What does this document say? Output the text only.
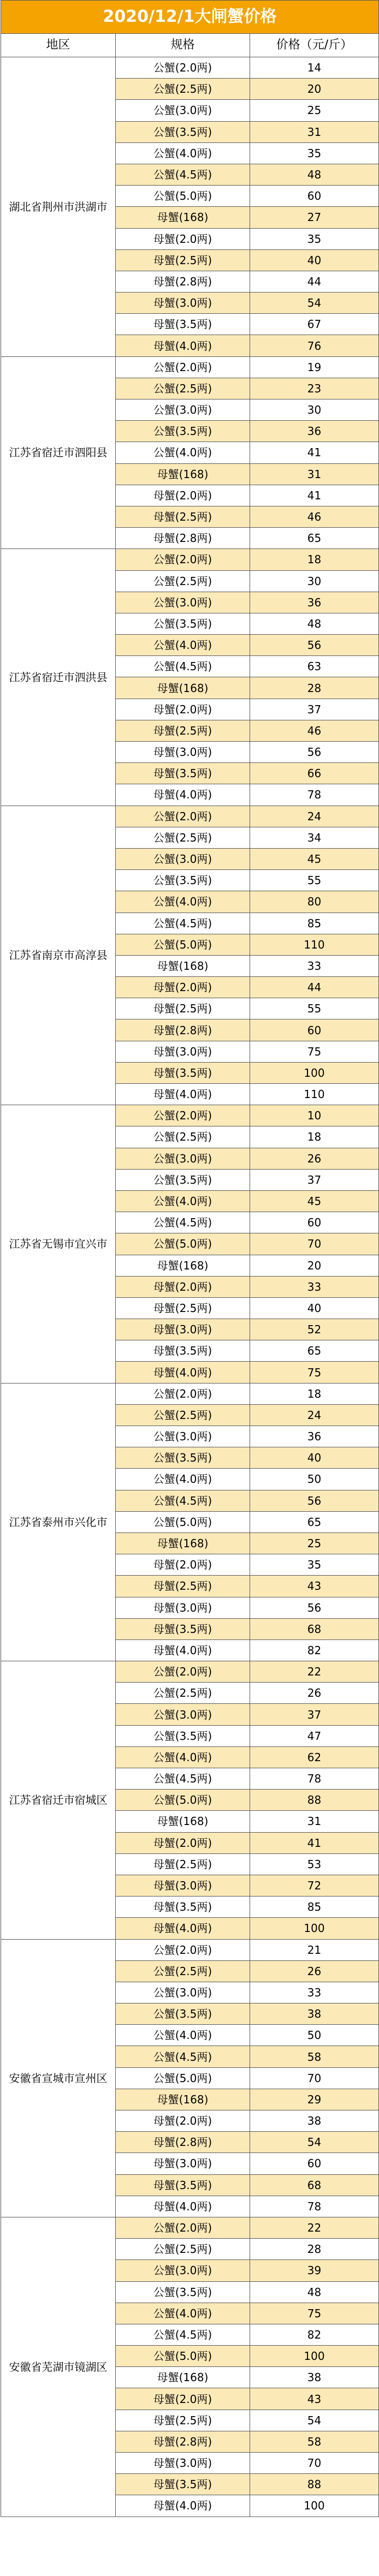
2020/12/1大闸蟹价格		
地区	规格	价格（元/斤）
湖北省荆州市洪湖市	公蟹(2.0两)	14
	公蟹(2.5两)	20
	公蟹(3.0两)	25
	公蟹(3.5两)	31
	公蟹(4.0两)	35
	公蟹(4.5两)	48
	公蟹(5.0两)	60
	母蟹(168)	27
	母蟹(2.0两)	35
	母蟹(2.5两)	40
	母蟹(2.8两)	44
	母蟹(3.0两)	54
	母蟹(3.5两)	67
	母蟹(4.0两)	76
江苏省宿迁市泗阳县	公蟹(2.0两)	19
	公蟹(2.5两)	23
	公蟹(3.0两)	30
	公蟹(3.5两)	36
	公蟹(4.0两)	41
	母蟹(168)	31
	母蟹(2.0两)	41
	母蟹(2.5两)	46
	母蟹(2.8两)	65
江苏省宿迁市泗洪县	公蟹(2.0两)	18
	公蟹(2.5两)	30
	公蟹(3.0两)	36
	公蟹(3.5两)	48
	公蟹(4.0两)	56
	公蟹(4.5两)	63
	母蟹(168)	28
	母蟹(2.0两)	37
	母蟹(2.5两)	46
	母蟹(3.0两)	56
	母蟹(3.5两)	66
	母蟹(4.0两)	78
江苏省南京市高淳县	公蟹(2.0两)	24
	公蟹(2.5两)	34
	公蟹(3.0两)	45
	公蟹(3.5两)	55
	公蟹(4.0两)	80
	公蟹(4.5两)	85
	公蟹(5.0两)	110
	母蟹(168)	33
	母蟹(2.0两)	44
	母蟹(2.5两)	55
	母蟹(2.8两)	60
	母蟹(3.0两)	75
	母蟹(3.5两)	100
	母蟹(4.0两)	110
江苏省无锡市宜兴市	公蟹(2.0两)	10
	公蟹(2.5两)	18
	公蟹(3.0两)	26
	公蟹(3.5两)	37
	公蟹(4.0两)	45
	公蟹(4.5两)	60
	公蟹(5.0两)	70
	母蟹(168)	20
	母蟹(2.0两)	33
	母蟹(2.5两)	40
	母蟹(3.0两)	52
	母蟹(3.5两)	65
	母蟹(4.0两)	75
江苏省泰州市兴化市	公蟹(2.0两)	18
	公蟹(2.5两)	24
	公蟹(3.0两)	36
	公蟹(3.5两)	40
	公蟹(4.0两)	50
	公蟹(4.5两)	56
	公蟹(5.0两)	65
	母蟹(168)	25
	母蟹(2.0两)	35
	母蟹(2.5两)	43
	母蟹(3.0两)	56
	母蟹(3.5两)	68
	母蟹(4.0两)	82
江苏省宿迁市宿城区	公蟹(2.0两)	22
	公蟹(2.5两)	26
	公蟹(3.0两)	37
	公蟹(3.5两)	47
	公蟹(4.0两)	62
	公蟹(4.5两)	78
	公蟹(5.0两)	88
	母蟹(168)	31
	母蟹(2.0两)	41
	母蟹(2.5两)	53
	母蟹(3.0两)	72
	母蟹(3.5两)	85
	母蟹(4.0两)	100
安徽省宣城市宣州区	公蟹(2.0两)	21
	公蟹(2.5两)	26
	公蟹(3.0两)	33
	公蟹(3.5两)	38
	公蟹(4.0两)	50
	公蟹(4.5两)	58
	公蟹(5.0两)	70
	母蟹(168)	29
	母蟹(2.0两)	38
	母蟹(2.8两)	54
	母蟹(3.0两)	60
	母蟹(3.5两)	68
	母蟹(4.0两)	78
安徽省芜湖市镜湖区	公蟹(2.0两)	22
	公蟹(2.5两)	28
	公蟹(3.0两)	39
	公蟹(3.5两)	48
	公蟹(4.0两)	75
	公蟹(4.5两)	82
	公蟹(5.0两)	100
	母蟹(168)	38
	母蟹(2.0两)	43
	母蟹(2.5两)	54
	母蟹(2.8两)	58
	母蟹(3.0两)	70
	母蟹(3.5两)	88
	母蟹(4.0两)	100
